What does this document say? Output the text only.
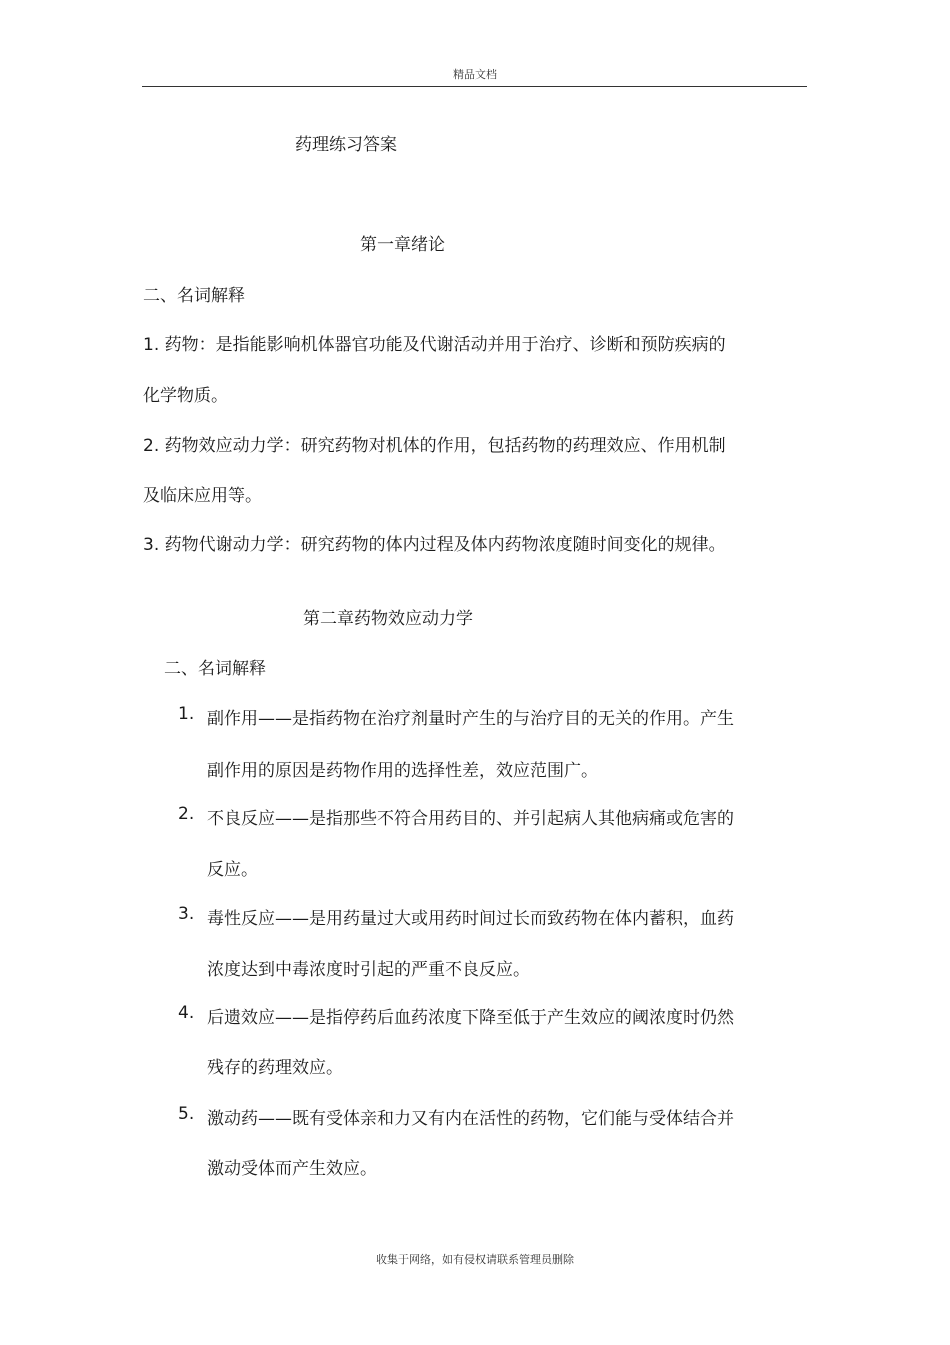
精品文档
药理练习答案
第一章绪论
二、名词解释
1. 药物：是指能影响机体器官功能及代谢活动并用于治疗、诊断和预防疾病的
化学物质。
2. 药物效应动力学：研究药物对机体的作用，包括药物的药理效应、作用机制
及临床应用等。
3. 药物代谢动力学：研究药物的体内过程及体内药物浓度随时间变化的规律。
第二章药物效应动力学
二、名词解释
1. 副作用——是指药物在治疗剂量时产生的与治疗目的无关的作用。产生
副作用的原因是药物作用的选择性差，效应范围广。
2. 不良反应——是指那些不符合用药目的、并引起病人其他病痛或危害的
反应。
3. 毒性反应——是用药量过大或用药时间过长而致药物在体内蓄积，血药
浓度达到中毒浓度时引起的严重不良反应。
4. 后遗效应——是指停药后血药浓度下降至低于产生效应的阈浓度时仍然
残存的药理效应。
5. 激动药——既有受体亲和力又有内在活性的药物，它们能与受体结合并
激动受体而产生效应。
收集于网络，如有侵权请联系管理员删除
